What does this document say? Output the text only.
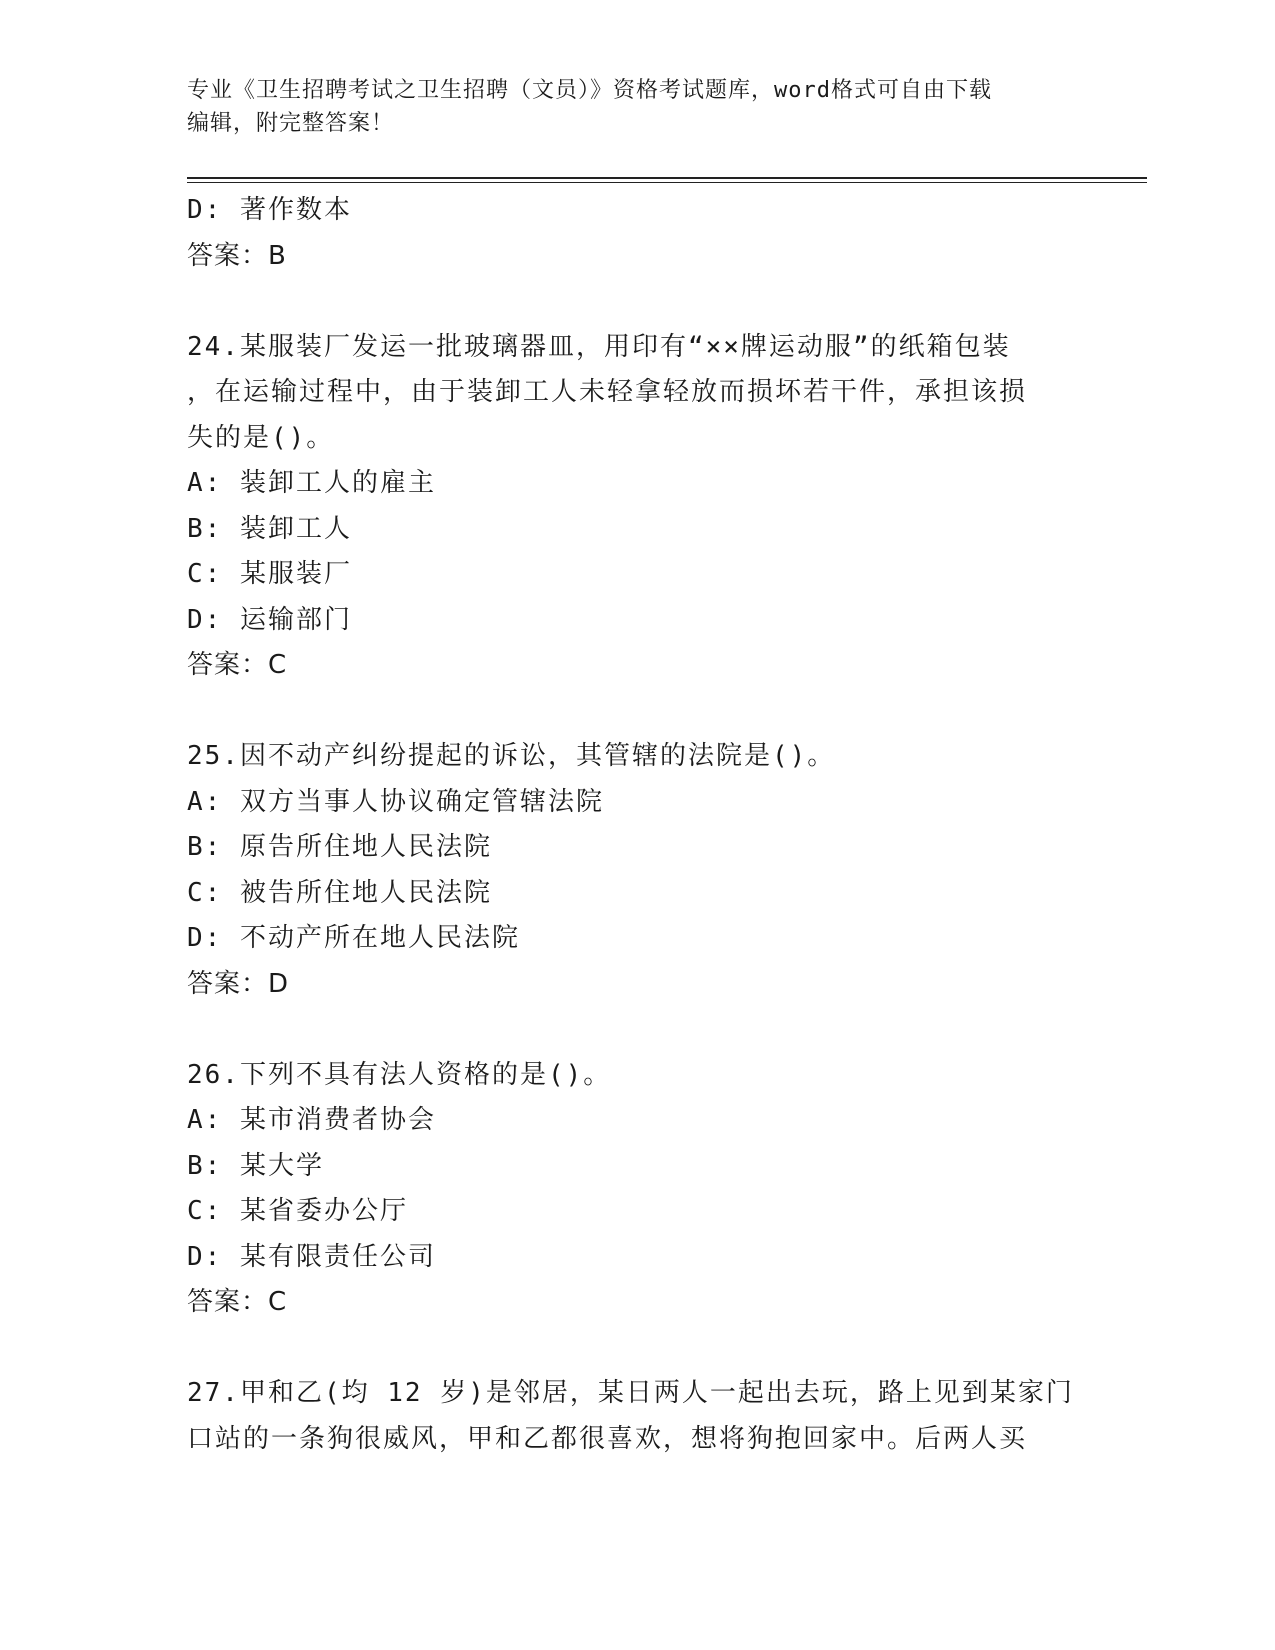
专业《卫生招聘考试之卫生招聘（文员）》资格考试题库，word格式可自由下载
编辑，附完整答案！
D: 著作数本
答案：B
24.某服装厂发运一批玻璃器皿，用印有“××牌运动服”的纸箱包装
，在运输过程中，由于装卸工人未轻拿轻放而损坏若干件，承担该损
失的是()。
A: 装卸工人的雇主
B: 装卸工人
C: 某服装厂
D: 运输部门
答案：C
25.因不动产纠纷提起的诉讼，其管辖的法院是()。
A: 双方当事人协议确定管辖法院
B: 原告所住地人民法院
C: 被告所住地人民法院
D: 不动产所在地人民法院
答案：D
26.下列不具有法人资格的是()。
A: 某市消费者协会
B: 某大学
C: 某省委办公厅
D: 某有限责任公司
答案：C
27.甲和乙(均 12 岁)是邻居，某日两人一起出去玩，路上见到某家门
口站的一条狗很威风，甲和乙都很喜欢，想将狗抱回家中。后两人买
